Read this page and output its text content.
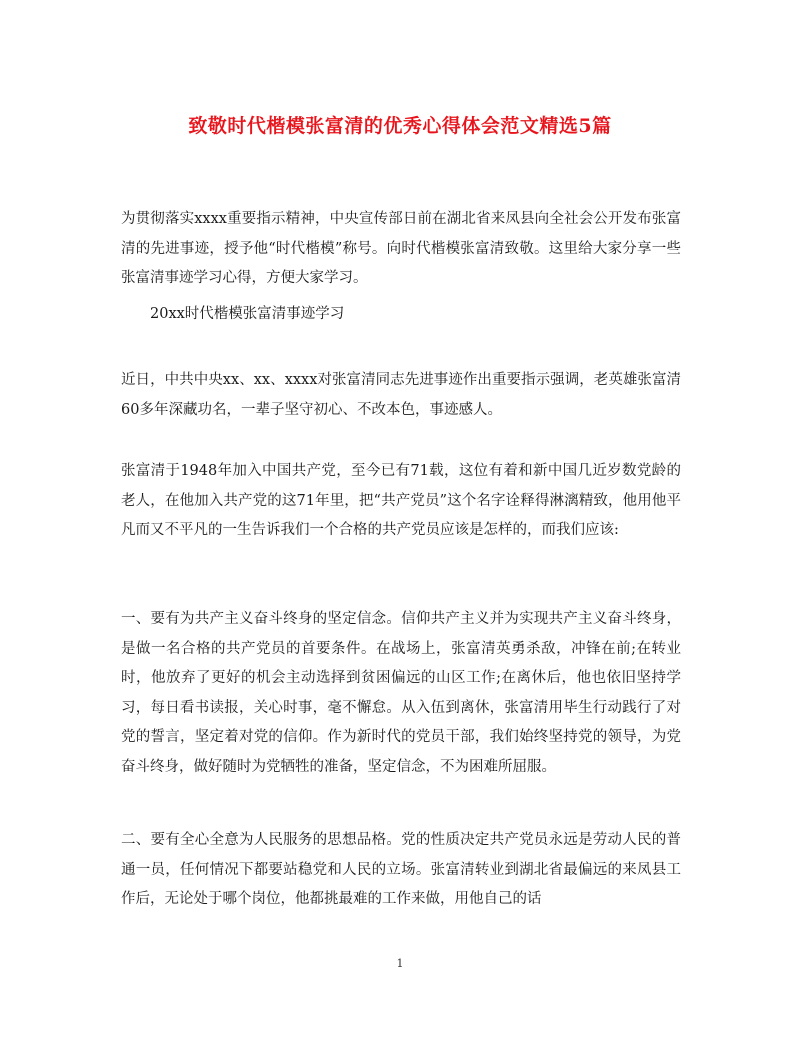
致敬时代楷模张富清的优秀心得体会范文精选5篇
为贯彻落实xxxx重要指示精神，中央宣传部日前在湖北省来凤县向全社会公开发布张富清的先进事迹，授予他“时代楷模”称号。向时代楷模张富清致敬。这里给大家分享一些张富清事迹学习心得，方便大家学习。
20xx时代楷模张富清事迹学习
近日，中共中央xx、xx、xxxx对张富清同志先进事迹作出重要指示强调，老英雄张富清60多年深藏功名，一辈子坚守初心、不改本色，事迹感人。
张富清于1948年加入中国共产党，至今已有71载，这位有着和新中国几近岁数党龄的老人，在他加入共产党的这71年里，把“共产党员”这个名字诠释得淋漓精致，他用他平凡而又不平凡的一生告诉我们一个合格的共产党员应该是怎样的，而我们应该:
一、要有为共产主义奋斗终身的坚定信念。信仰共产主义并为实现共产主义奋斗终身，是做一名合格的共产党员的首要条件。在战场上，张富清英勇杀敌，冲锋在前;在转业时，他放弃了更好的机会主动选择到贫困偏远的山区工作;在离休后，他也依旧坚持学习，每日看书读报，关心时事，毫不懈怠。从入伍到离休，张富清用毕生行动践行了对党的誓言，坚定着对党的信仰。作为新时代的党员干部，我们始终坚持党的领导，为党奋斗终身，做好随时为党牺牲的准备，坚定信念，不为困难所屈服。
二、要有全心全意为人民服务的思想品格。党的性质决定共产党员永远是劳动人民的普通一员，任何情况下都要站稳党和人民的立场。张富清转业到湖北省最偏远的来凤县工作后，无论处于哪个岗位，他都挑最难的工作来做，用他自己的话
1
